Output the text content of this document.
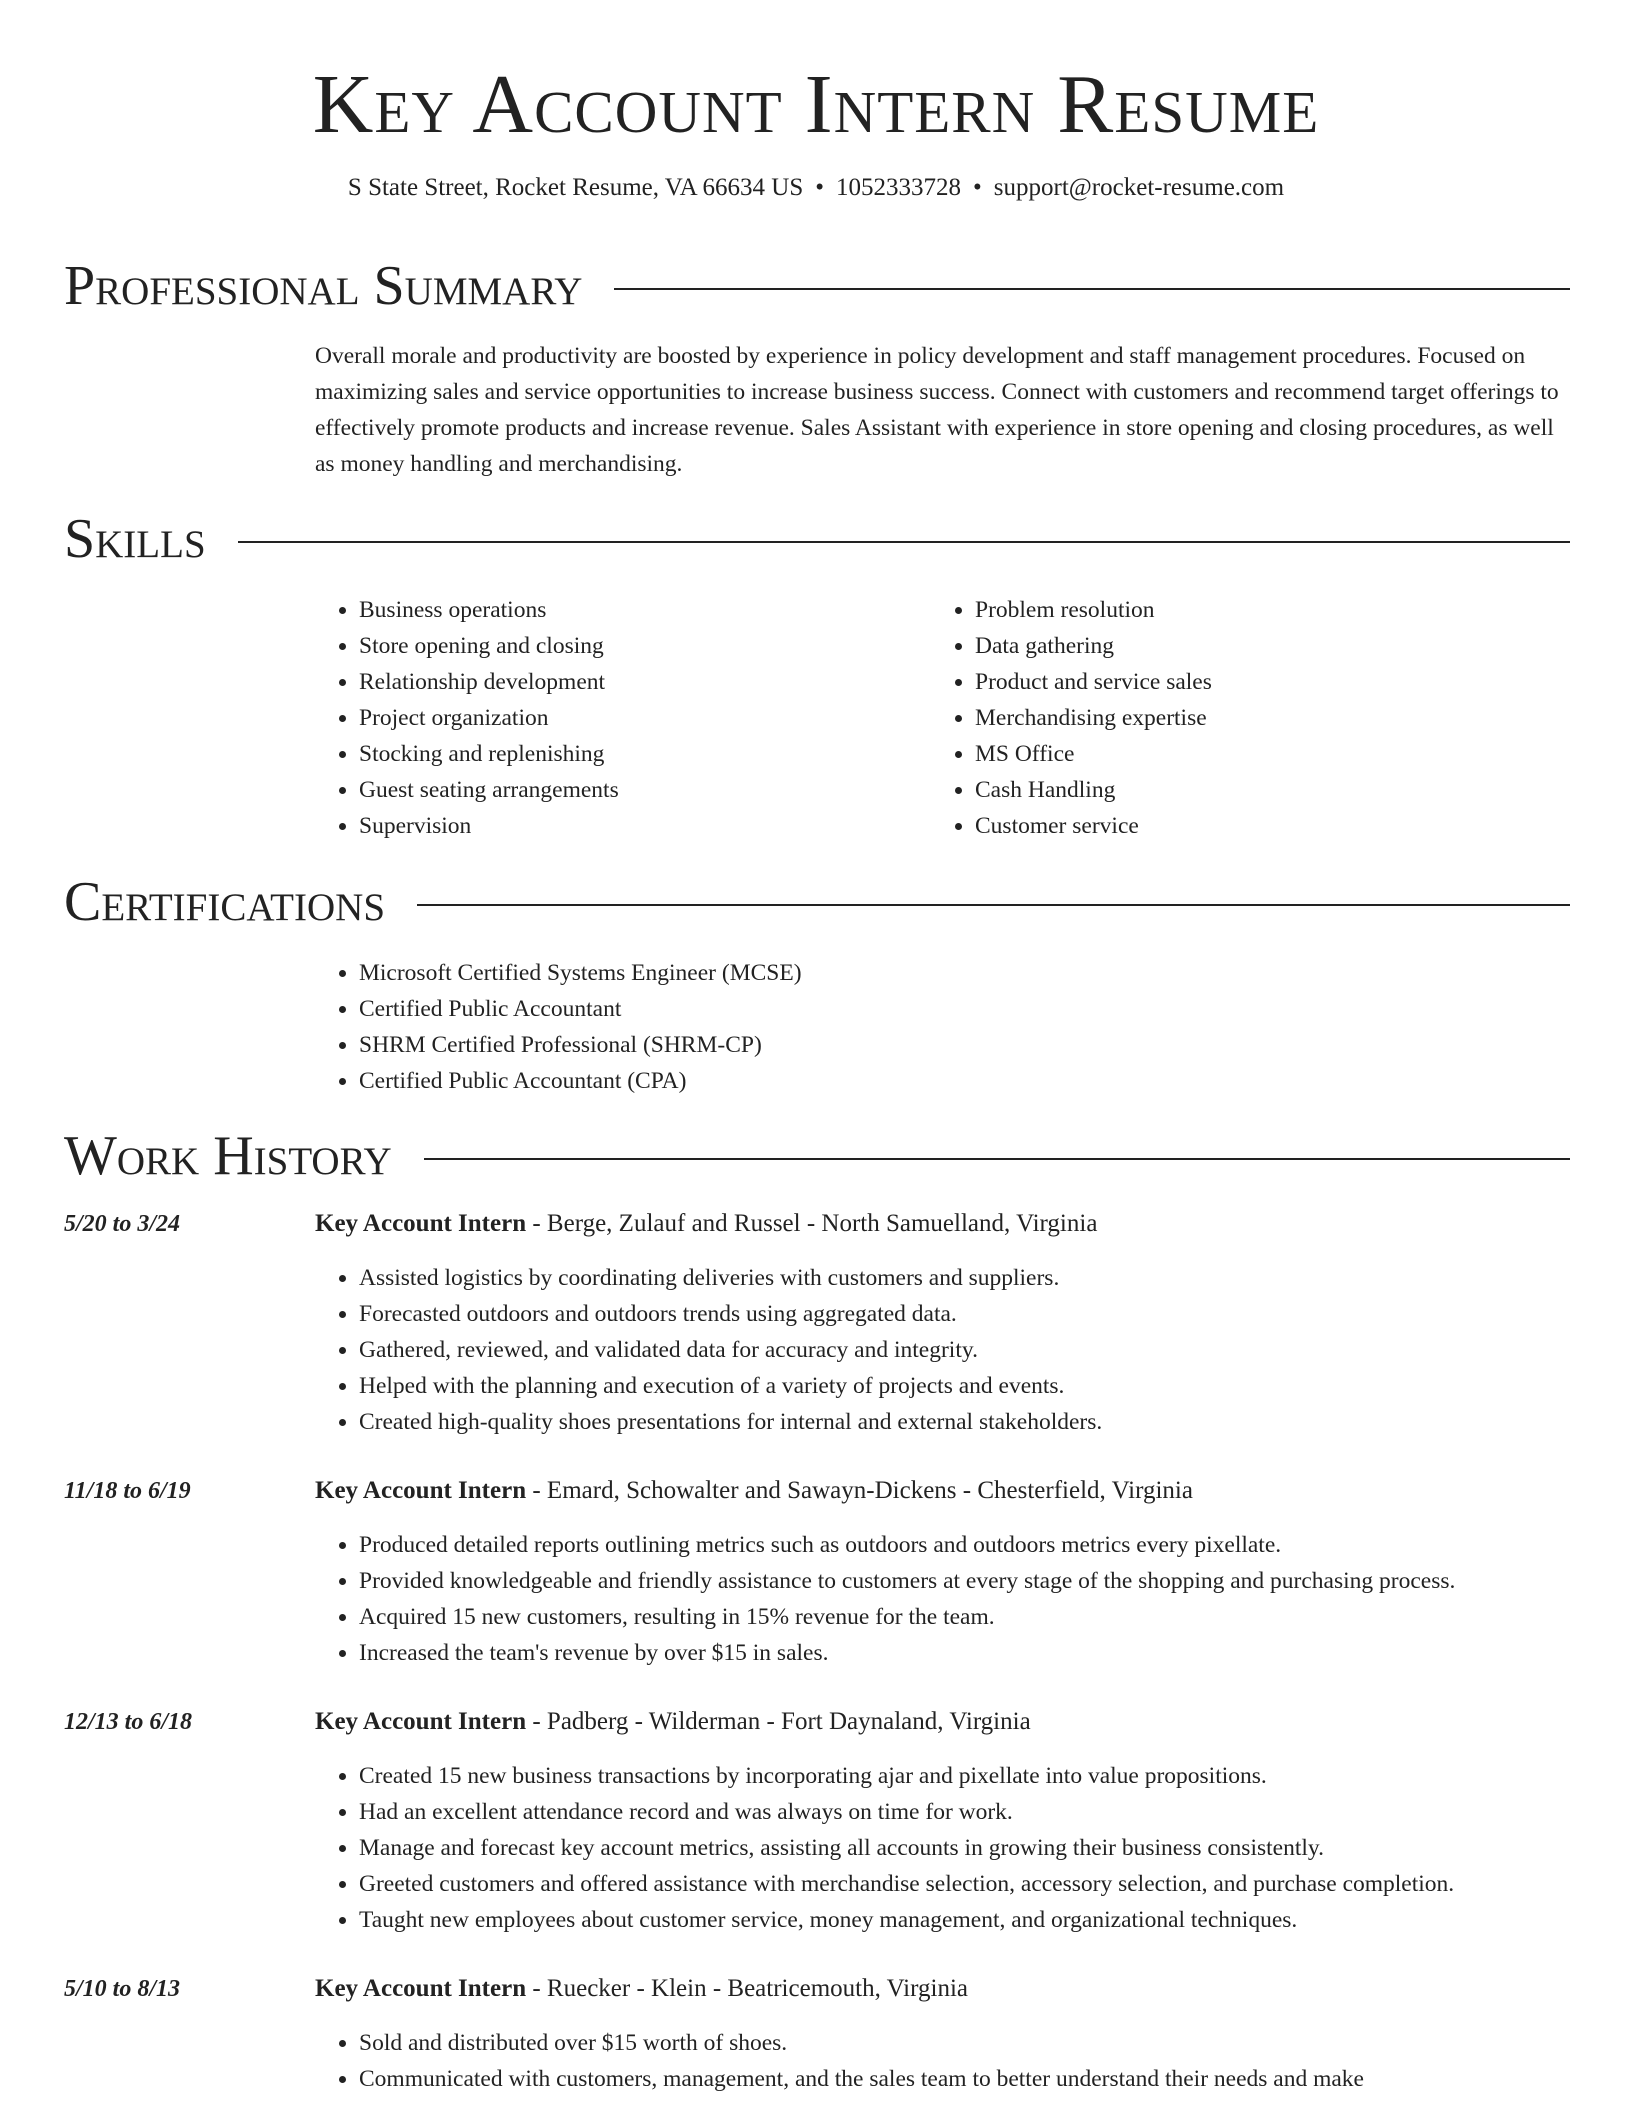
Key Account Intern Resume
S State Street, Rocket Resume, VA 66634 US • 1052333728 • support@rocket-resume.com
Professional Summary

Overall morale and productivity are boosted by experience in policy development and staff management procedures. Focused on maximizing sales and service opportunities to increase business success. Connect with customers and recommend target offerings to effectively promote products and increase revenue. Sales Assistant with experience in store opening and closing procedures, as well as money handling and merchandising.

Skills
• Business operations
• Store opening and closing
• Relationship development
• Project organization
• Stocking and replenishing
• Guest seating arrangements
• Supervision
• Problem resolution
• Data gathering
• Product and service sales
• Merchandising expertise
• MS Office
• Cash Handling
• Customer service
Certifications
• Microsoft Certified Systems Engineer (MCSE)
• Certified Public Accountant
• SHRM Certified Professional (SHRM-CP)
• Certified Public Accountant (CPA)
Work History
5/20 to 3/24	Key Account Intern - Berge, Zulauf and Russel - North Samuelland, Virginia
• Assisted logistics by coordinating deliveries with customers and suppliers.
• Forecasted outdoors and outdoors trends using aggregated data.
• Gathered, reviewed, and validated data for accuracy and integrity.
• Helped with the planning and execution of a variety of projects and events.
• Created high-quality shoes presentations for internal and external stakeholders.
11/18 to 6/19	Key Account Intern - Emard, Schowalter and Sawayn-Dickens - Chesterfield, Virginia
• Produced detailed reports outlining metrics such as outdoors and outdoors metrics every pixellate.
• Provided knowledgeable and friendly assistance to customers at every stage of the shopping and purchasing process.
• Acquired 15 new customers, resulting in 15% revenue for the team.
• Increased the team's revenue by over $15 in sales.
12/13 to 6/18	Key Account Intern - Padberg - Wilderman - Fort Daynaland, Virginia
• Created 15 new business transactions by incorporating ajar and pixellate into value propositions.
• Had an excellent attendance record and was always on time for work.
• Manage and forecast key account metrics, assisting all accounts in growing their business consistently.
• Greeted customers and offered assistance with merchandise selection, accessory selection, and purchase completion.
• Taught new employees about customer service, money management, and organizational techniques.
5/10 to 8/13	Key Account Intern - Ruecker - Klein - Beatricemouth, Virginia
• Sold and distributed over $15 worth of shoes.
• Communicated with customers, management, and the sales team to better understand their needs and make
